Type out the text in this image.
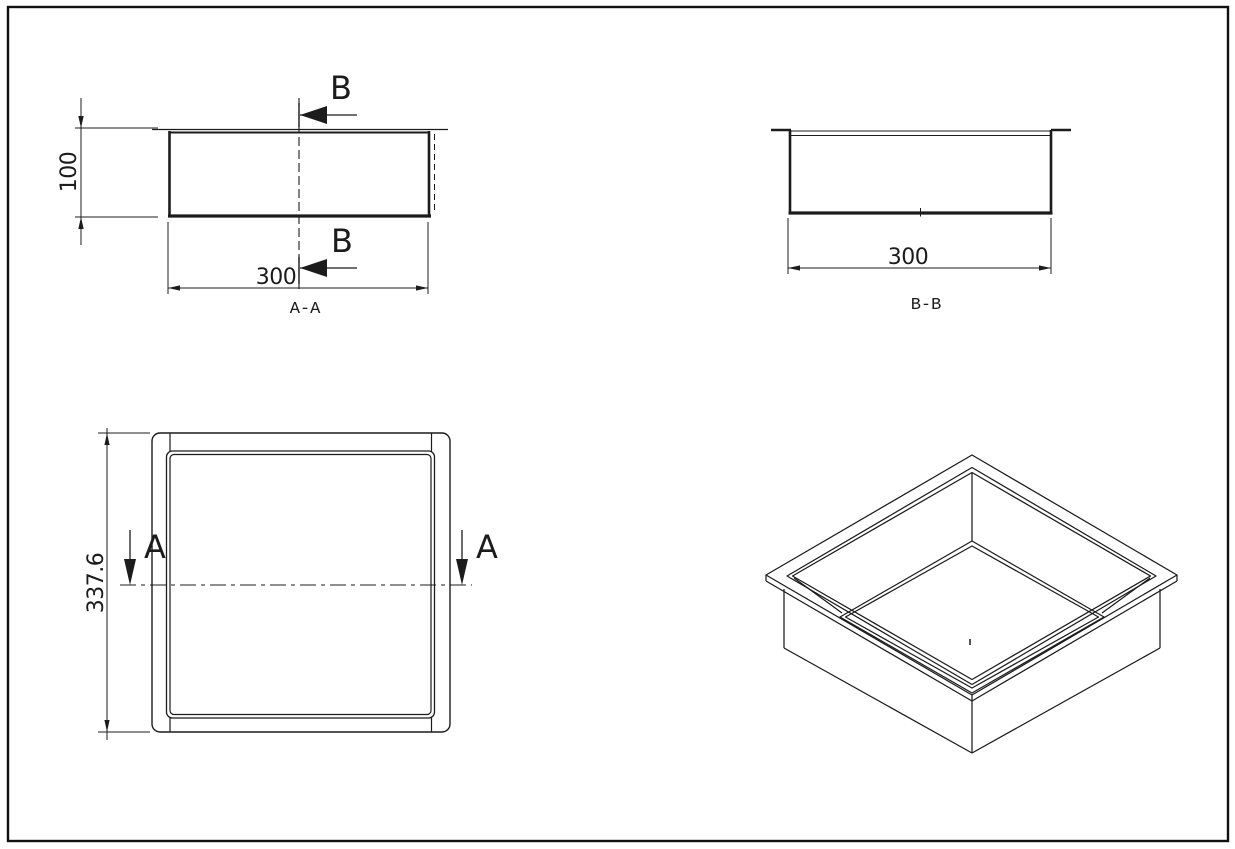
B
B
100
300
A-A
300
B-B
A	A
337.6
